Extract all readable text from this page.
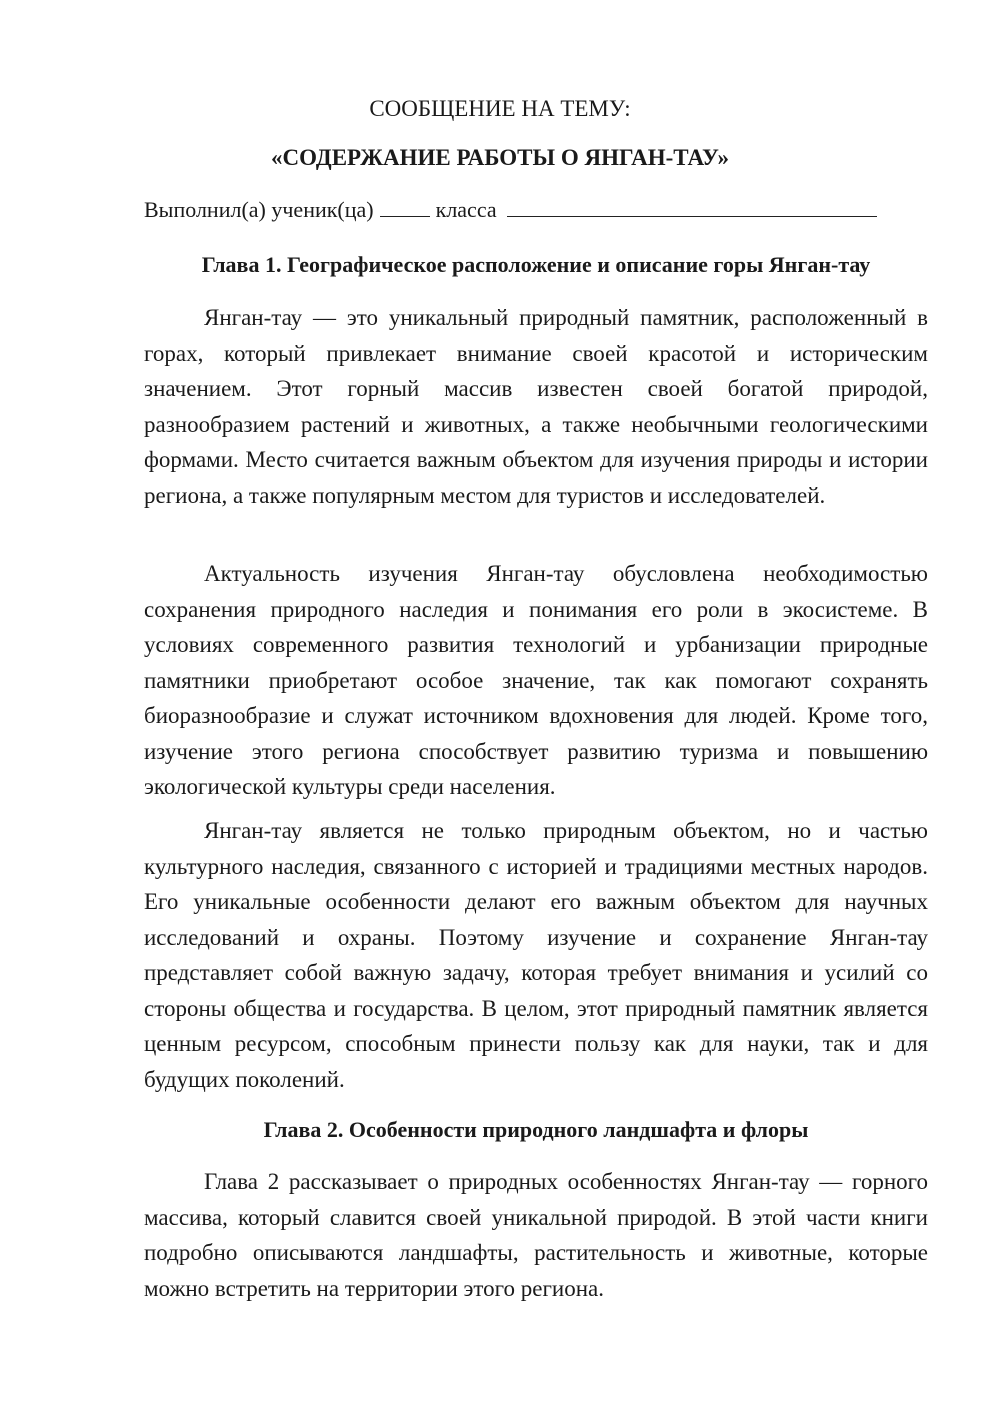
СООБЩЕНИЕ НА ТЕМУ:
«СОДЕРЖАНИЕ РАБОТЫ О ЯНГАН-ТАУ»
Выполнил(а) ученик(ца)	класса
Глава 1. Географическое расположение и описание горы Янган-тау

Янган-тау — это уникальный природный памятник, расположенный в горах, который привлекает внимание своей красотой и историческим значением. Этот горный массив известен своей богатой природой, разнообразием растений и животных, а также необычными геологическими формами. Место считается важным объектом для изучения природы и истории региона, а также популярным местом для туристов и исследователей.

Актуальность изучения Янган-тау обусловлена необходимостью сохранения природного наследия и понимания его роли в экосистеме. В условиях современного развития технологий и урбанизации природные памятники приобретают особое значение, так как помогают сохранять биоразнообразие и служат источником вдохновения для людей. Кроме того, изучение этого региона способствует развитию туризма и повышению экологической культуры среди населения.

Янган-тау является не только природным объектом, но и частью культурного наследия, связанного с историей и традициями местных народов. Его уникальные особенности делают его важным объектом для научных исследований и охраны. Поэтому изучение и сохранение Янган-тау представляет собой важную задачу, которая требует внимания и усилий со стороны общества и государства. В целом, этот природный памятник является ценным ресурсом, способным принести пользу как для науки, так и для будущих поколений.

Глава 2. Особенности природного ландшафта и флоры

Глава 2 рассказывает о природных особенностях Янган-тау — горного массива, который славится своей уникальной природой. В этой части книги подробно описываются ландшафты, растительность и животные, которые можно встретить на территории этого региона.
